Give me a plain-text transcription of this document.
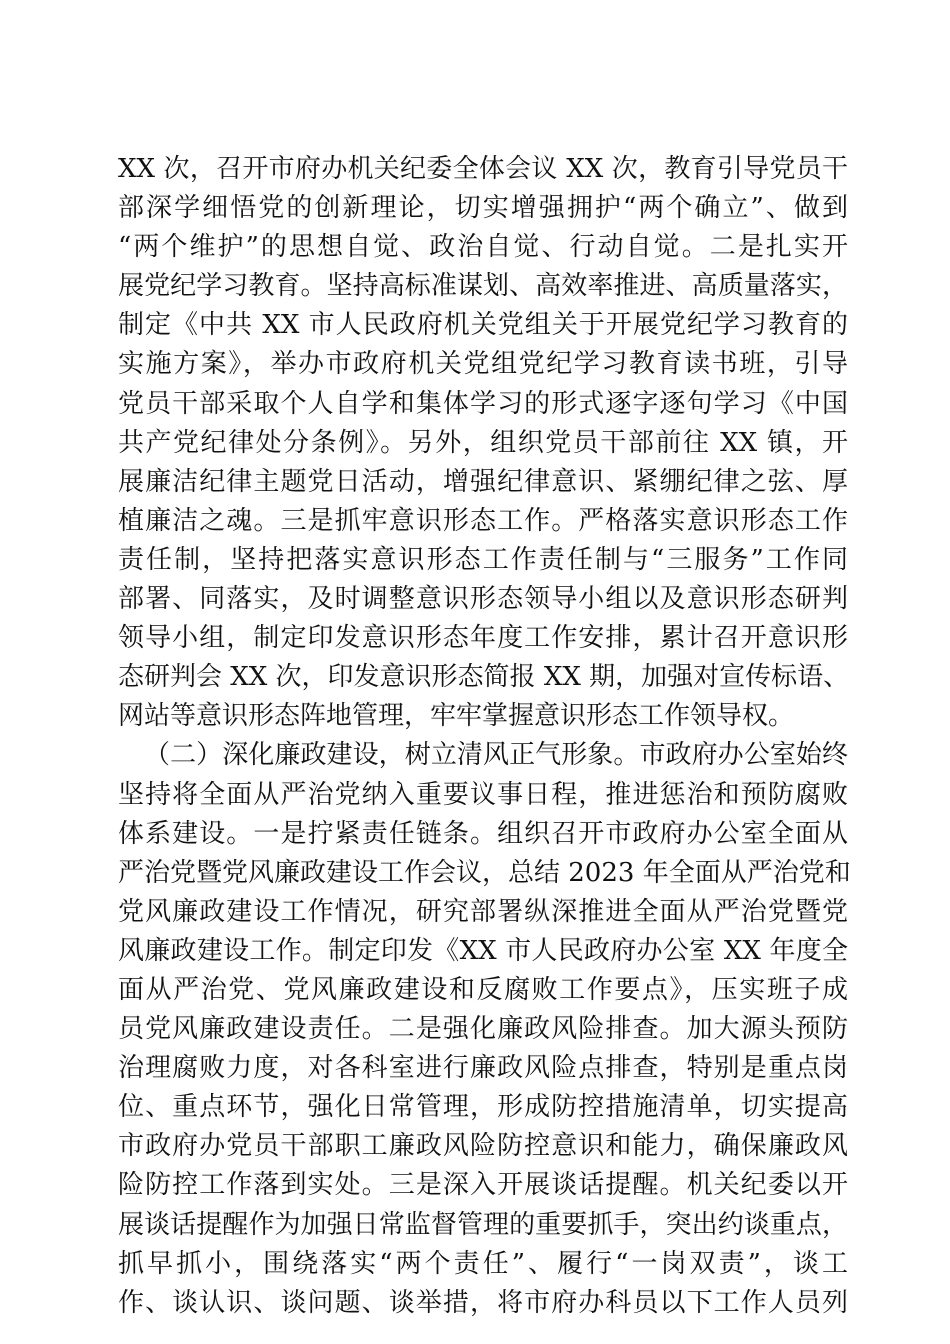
XX 次，召开市府办机关纪委全体会议 XX 次，教育引导党员干
部深学细悟党的创新理论，切实增强拥护“两个确立”、做到
“两个维护”的思想自觉、政治自觉、行动自觉。二是扎实开
展党纪学习教育。坚持高标准谋划、高效率推进、高质量落实，
制定《中共 XX 市人民政府机关党组关于开展党纪学习教育的
实施方案》，举办市政府机关党组党纪学习教育读书班，引导
党员干部采取个人自学和集体学习的形式逐字逐句学习《中国
共产党纪律处分条例》。另外，组织党员干部前往 XX 镇，开
展廉洁纪律主题党日活动，增强纪律意识、紧绷纪律之弦、厚
植廉洁之魂。三是抓牢意识形态工作。严格落实意识形态工作
责任制，坚持把落实意识形态工作责任制与“三服务”工作同
部署、同落实，及时调整意识形态领导小组以及意识形态研判
领导小组，制定印发意识形态年度工作安排，累计召开意识形
态研判会 XX 次，印发意识形态简报 XX 期，加强对宣传标语、
网站等意识形态阵地管理，牢牢掌握意识形态工作领导权。
（二）深化廉政建设，树立清风正气形象。市政府办公室始终
坚持将全面从严治党纳入重要议事日程，推进惩治和预防腐败
体系建设。一是拧紧责任链条。组织召开市政府办公室全面从
严治党暨党风廉政建设工作会议，总结 2023 年全面从严治党和
党风廉政建设工作情况，研究部署纵深推进全面从严治党暨党
风廉政建设工作。制定印发《XX 市人民政府办公室 XX 年度全
面从严治党、党风廉政建设和反腐败工作要点》，压实班子成
员党风廉政建设责任。二是强化廉政风险排查。加大源头预防
治理腐败力度，对各科室进行廉政风险点排查，特别是重点岗
位、重点环节，强化日常管理，形成防控措施清单，切实提高
市政府办党员干部职工廉政风险防控意识和能力，确保廉政风
险防控工作落到实处。三是深入开展谈话提醒。机关纪委以开
展谈话提醒作为加强日常监督管理的重要抓手，突出约谈重点，
抓早抓小，围绕落实“两个责任”、履行“一岗双责”，谈工
作、谈认识、谈问题、谈举措，将市府办科员以下工作人员列
